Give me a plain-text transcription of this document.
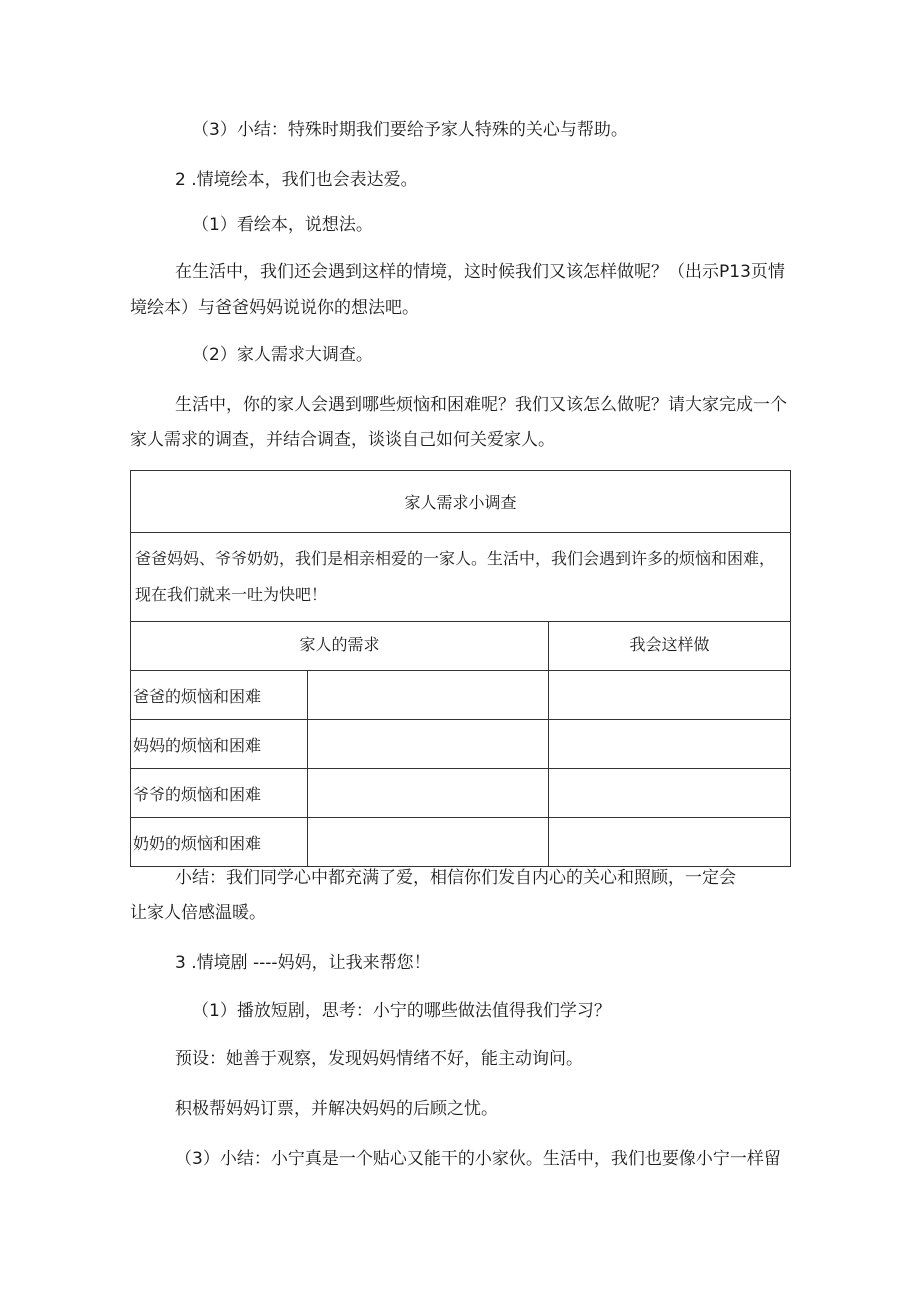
（3）小结：特殊时期我们要给予家人特殊的关心与帮助。
2 .情境绘本，我们也会表达爱。
（1）看绘本，说想法。
在生活中，我们还会遇到这样的情境，这时候我们又该怎样做呢？（出示P13页情
境绘本）与爸爸妈妈说说你的想法吧。
（2）家人需求大调查。
生活中，你的家人会遇到哪些烦恼和困难呢？我们又该怎么做呢？请大家完成一个
家人需求的调查，并结合调查，谈谈自己如何关爱家人。
家人需求小调查		
爸爸妈妈、爷爷奶奶，我们是相亲相爱的一家人。生活中，我们会遇到许多的烦恼和困难，现在我们就来一吐为快吧！		

家人的需求		我会这样做

爸爸的烦恼和困难		
妈妈的烦恼和困难		
爷爷的烦恼和困难		
奶奶的烦恼和困难		
小结：我们同学心中都充满了爱，相信你们发自内心的关心和照顾，一定会
让家人倍感温暖。
3 .情境剧 ----妈妈，让我来帮您！
（1）播放短剧，思考：小宁的哪些做法值得我们学习？
预设：她善于观察，发现妈妈情绪不好，能主动询问。
积极帮妈妈订票，并解决妈妈的后顾之忧。
（3）小结：小宁真是一个贴心又能干的小家伙。生活中，我们也要像小宁一样留
